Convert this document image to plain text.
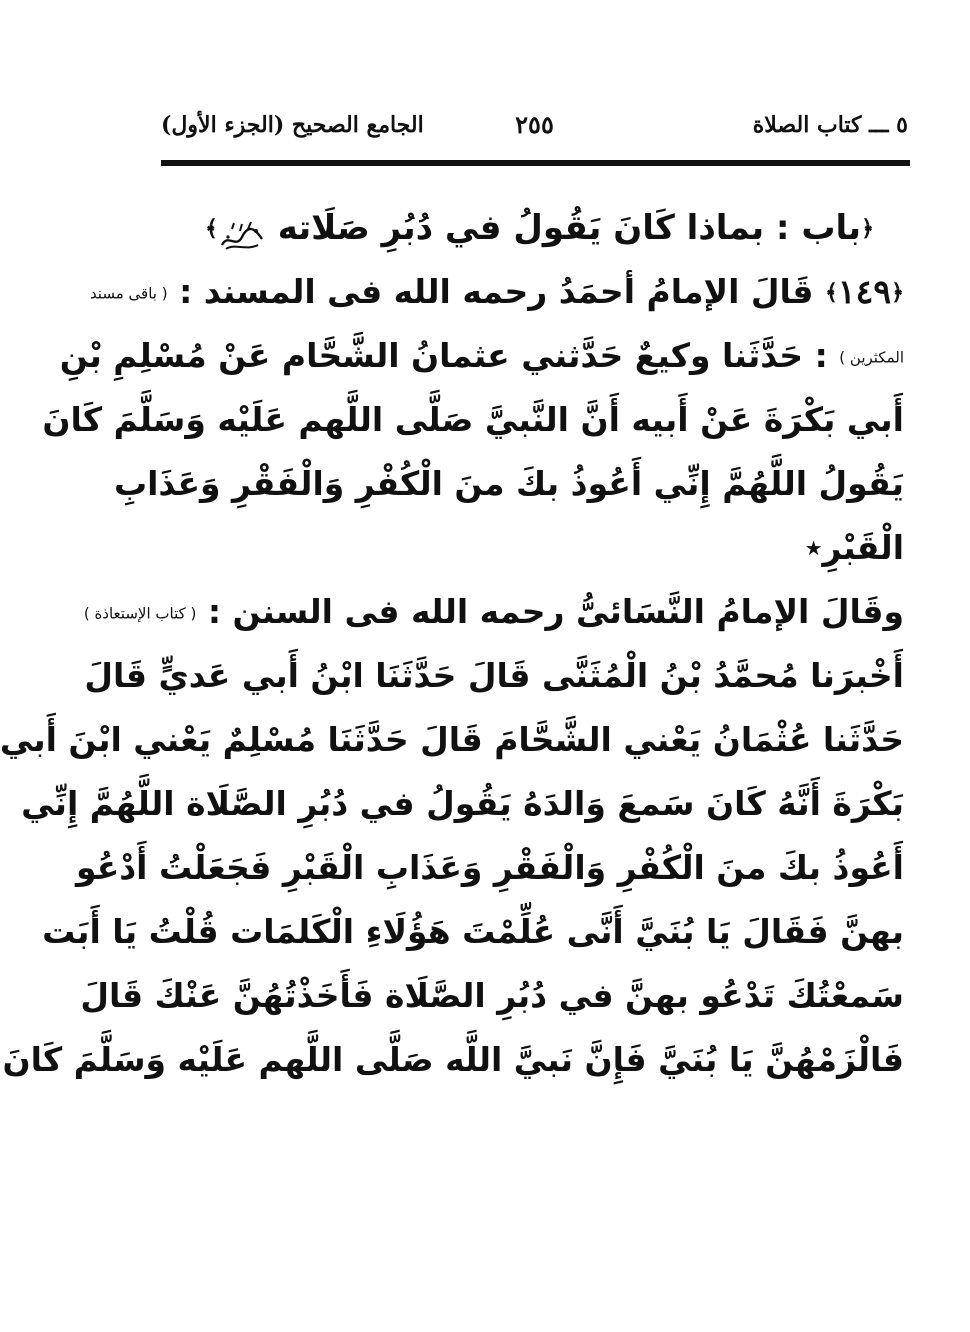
٥ ـــ كتاب الصلاة
٢٥٥
الجامع الصحيح (الجزء الأول)
﴿باب : بماذا كَانَ يَقُولُ في دُبُرِ صَلَاته ﴾
﴿١٤٩﴾ قَالَ الإمامُ أحمَدُ رحمه الله فى المسند : ( باقى مسند
المكثرين ) : حَدَّثَنا وكيعٌ حَدَّثني عثمانُ الشَّحَّام عَنْ مُسْلِمِ بْنِ
أَبي بَكْرَةَ عَنْ أَبيه أَنَّ النَّبيَّ صَلَّى اللَّهم عَلَيْه وَسَلَّمَ كَانَ
يَقُولُ اللَّهُمَّ إِنِّي أَعُوذُ بكَ منَ الْكُفْرِ وَالْفَقْرِ وَعَذَابِ
الْقَبْرِ★
وقَالَ الإمامُ النَّسَائىُّ رحمه الله فى السنن : ( كتاب الإستعاذة )
أَخْبرَنا مُحمَّدُ بْنُ الْمُثَنَّى قَالَ حَدَّثَنَا ابْنُ أَبي عَديٍّ قَالَ
حَدَّثَنا عُثْمَانُ يَعْني الشَّحَّامَ قَالَ حَدَّثَنَا مُسْلِمٌ يَعْني ابْنَ أَبي
بَكْرَةَ أَنَّهُ كَانَ سَمعَ وَالدَهُ يَقُولُ في دُبُرِ الصَّلَاة اللَّهُمَّ إِنِّي
أَعُوذُ بكَ منَ الْكُفْرِ وَالْفَقْرِ وَعَذَابِ الْقَبْرِ فَجَعَلْتُ أَدْعُو
بهنَّ فَقَالَ يَا بُنَيَّ أَنَّى عُلِّمْتَ هَؤُلَاءِ الْكَلمَات قُلْتُ يَا أَبَت
سَمعْتُكَ تَدْعُو بهنَّ في دُبُرِ الصَّلَاة فَأَخَذْتُهُنَّ عَنْكَ قَالَ
فَالْزَمْهُنَّ يَا بُنَيَّ فَإِنَّ نَبيَّ اللَّه صَلَّى اللَّهم عَلَيْه وَسَلَّمَ كَانَ
